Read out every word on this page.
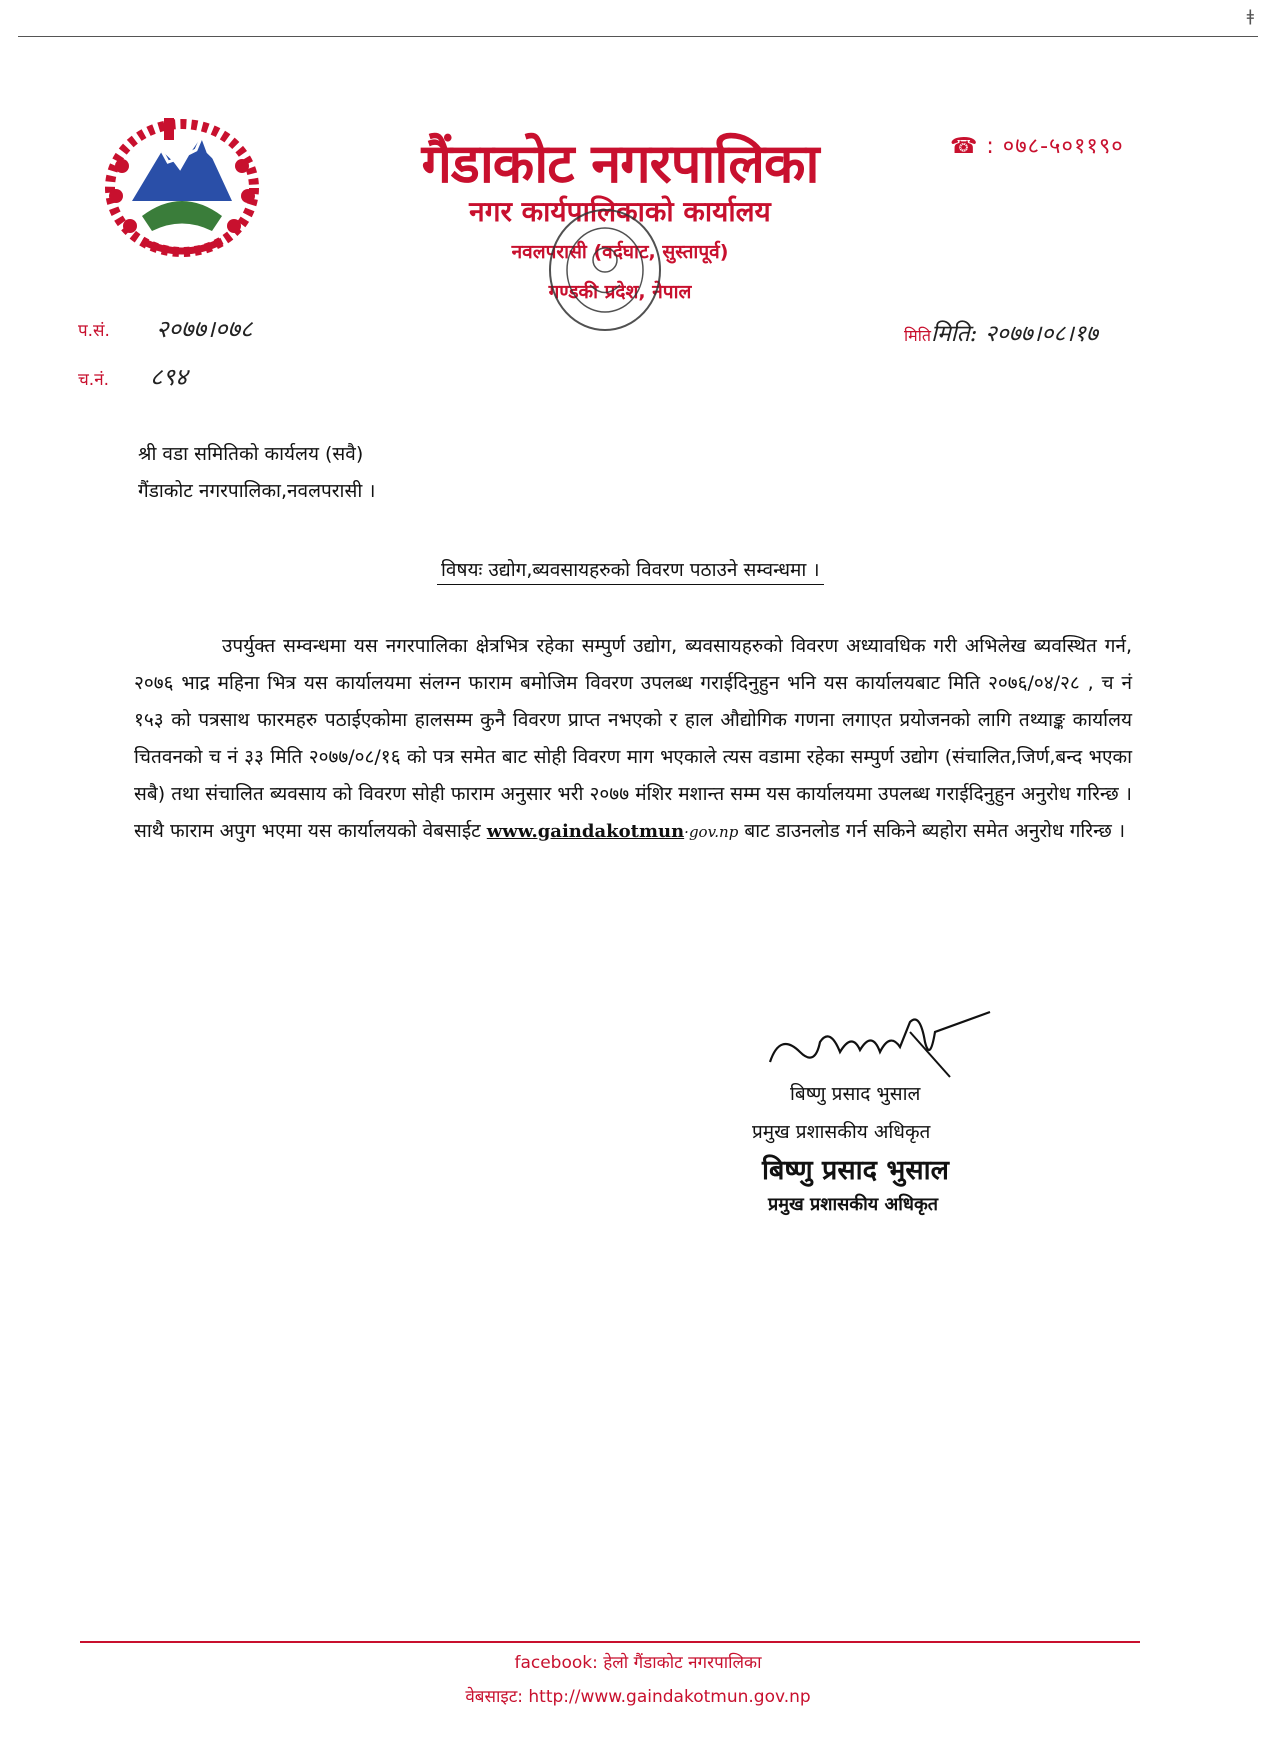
ǂ
गैंडाकोट नगरपालिका
नगर कार्यपालिकाको कार्यालय
नवलपरासी (वर्दघाट, सुस्तापूर्व)
गण्डकी प्रदेश, नेपाल
☎ : ०७८-५०११९०
प.सं. २०७७।०७८
च.नं. ८९४
मितिमिति: २०७७।०८।१७
श्री वडा समितिको कार्यलय (सवै)
गैंडाकोट नगरपालिका,नवलपरासी ।
विषयः उद्योग,ब्यवसायहरुको विवरण पठाउने सम्वन्धमा ।

उपर्युक्त सम्वन्धमा यस नगरपालिका क्षेत्रभित्र रहेका सम्पुर्ण उद्योग, ब्यवसायहरुको विवरण अध्यावधिक गरी अभिलेख ब्यवस्थित गर्न, २०७६ भाद्र महिना भित्र यस कार्यालयमा संलग्न फाराम बमोजिम विवरण उपलब्ध गराईदिनुहुन भनि यस कार्यालयबाट मिति २०७६/०४/२८ , च नं १५३ को पत्रसाथ फारमहरु पठाईएकोमा हालसम्म कुनै विवरण प्राप्त नभएको र हाल औद्योगिक गणना लगाएत प्रयोजनको लागि तथ्याङ्क कार्यालय चितवनको च नं ३३ मिति २०७७/०८/१६ को पत्र समेत बाट सोही विवरण माग भएकाले त्यस वडामा रहेका सम्पुर्ण उद्योग (संचालित,जिर्ण,बन्द भएका सबै) तथा संचालित ब्यवसाय को विवरण सोही फाराम अनुसार भरी २०७७ मंशिर मशान्त सम्म यस कार्यालयमा उपलब्ध गराईदिनुहुन अनुरोध गरिन्छ । साथै फाराम अपुग भएमा यस कार्यालयको वेबसाईट www.gaindakotmun·gov.np बाट डाउनलोड गर्न सकिने ब्यहोरा समेत अनुरोध गरिन्छ ।

बिष्णु प्रसाद भुसाल
प्रमुख प्रशासकीय अधिकृत
बिष्णु प्रसाद भुसाल
प्रमुख प्रशासकीय अधिकृत
facebook: हेलो गैंडाकोट नगरपालिका
वेबसाइट: http://www.gaindakotmun.gov.np
